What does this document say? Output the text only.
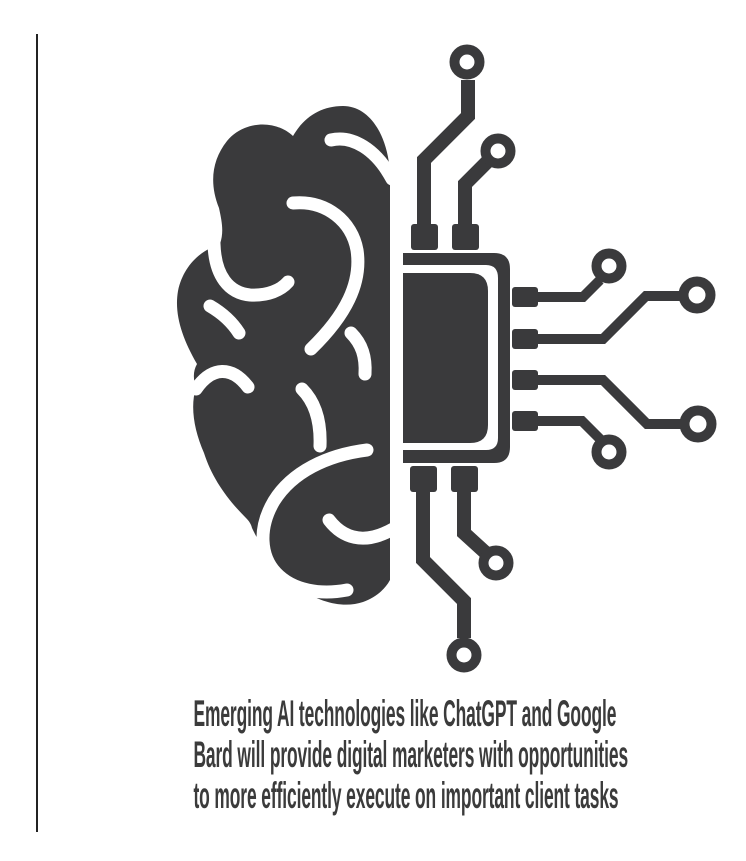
Emerging AI technologies like ChatGPT and Google
Bard will provide digital marketers with opportunities
to more efficiently execute on important client tasks
